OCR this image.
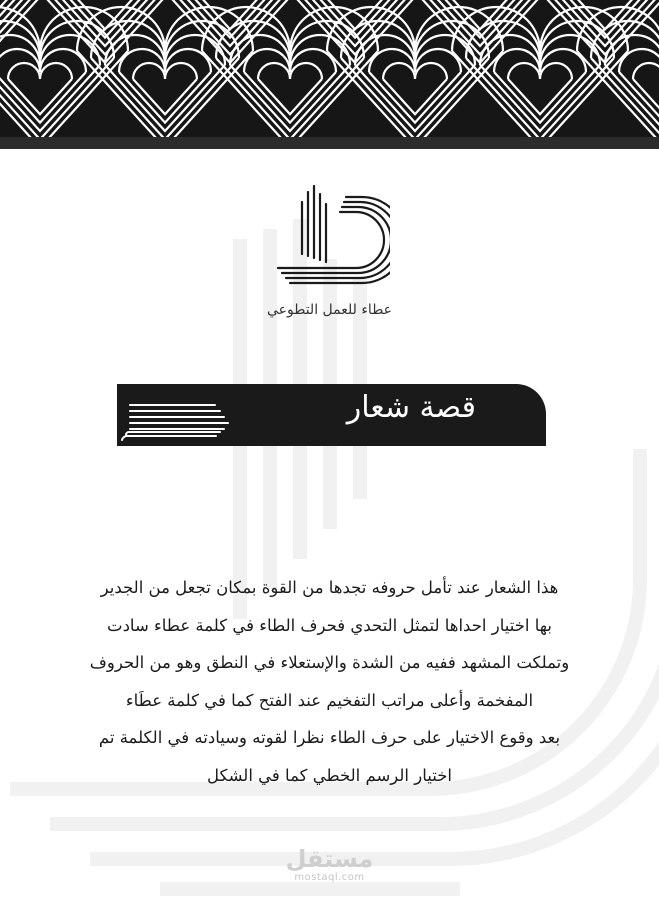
عطاء للعمل التطوعي
قصة شعار

هذا الشعار عند تأمل حروفه تجدها من القوة بمكان تجعل من الجدير

بها اختيار احداها لتمثل التحدي فحرف الطاء في كلمة عطاء سادت

وتملكت المشهد ففيه من الشدة والإستعلاء في النطق وهو من الحروف

المفخمة وأعلى مراتب التفخيم عند الفتح كما في كلمة عطَاء

بعد وقوع الاختيار على حرف الطاء نظرا لقوته وسيادته في الكلمة تم

اختيار الرسم الخطي كما في الشكل

مستقل
mostaql.com
